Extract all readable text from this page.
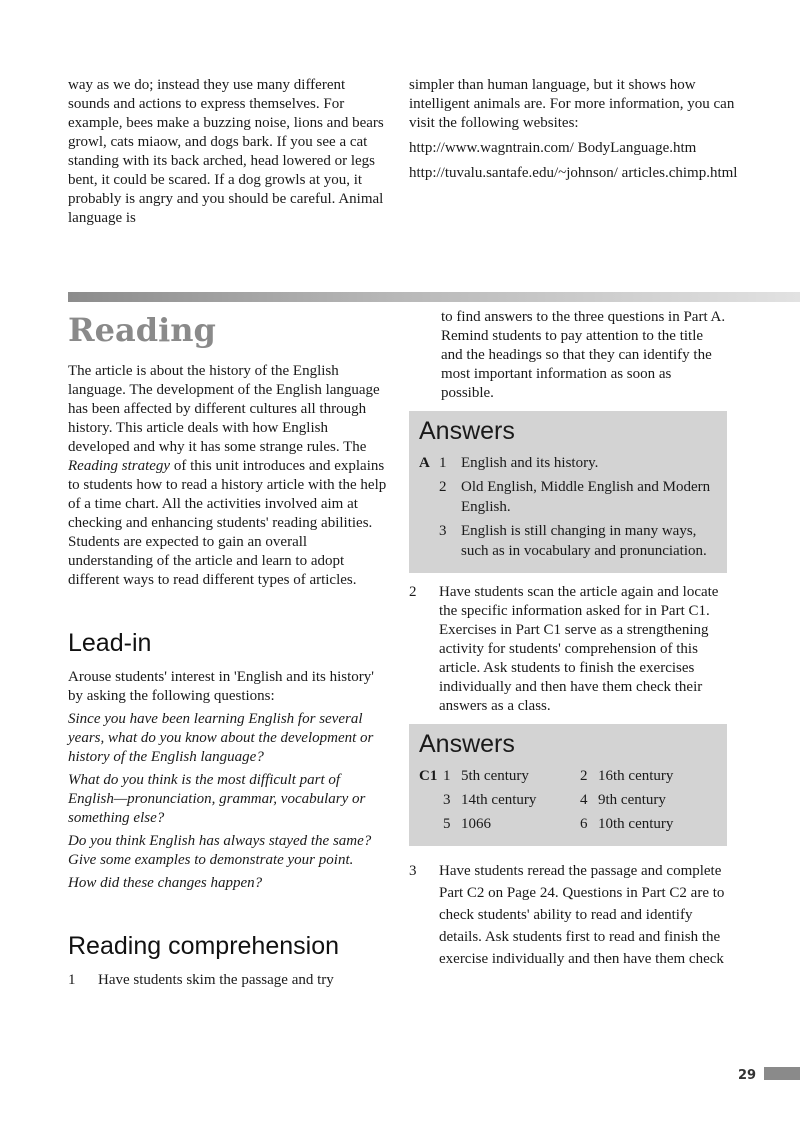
way as we do; instead they use many different sounds and actions to express themselves. For example, bees make a buzzing noise, lions and bears growl, cats miaow, and dogs bark. If you see a cat standing with its back arched, head lowered or legs bent, it could be scared. If a dog growls at you, it probably is angry and you should be careful. Animal language is

simpler than human language, but it shows how intelligent animals are. For more information, you can visit the following websites:

http://www.wagntrain.com/ BodyLanguage.htm

http://tuvalu.santafe.edu/~johnson/ articles.chimp.html

Reading

The article is about the history of the English language. The development of the English language has been affected by different cultures all through history. This article deals with how English developed and why it has some strange rules. The Reading strategy of this unit introduces and explains to students how to read a history article with the help of a time chart. All the activities involved aim at checking and enhancing students' reading abilities. Students are expected to gain an overall understanding of the article and learn to adopt different ways to read different types of articles.

Lead-in

Arouse students' interest in 'English and its history' by asking the following questions:

Since you have been learning English for several years, what do you know about the development or history of the English language?

What do you think is the most difficult part of English—pronunciation, grammar, vocabulary or something else?

Do you think English has always stayed the same? Give some examples to demonstrate your point.

How did these changes happen?

Reading comprehension
1	Have students skim the passage and try

to find answers to the three questions in Part A. Remind students to pay attention to the title and the headings so that they can identify the most important information as soon as possible.

Answers
A 1 English and its history.
2 Old English, Middle English and Modern English.
3 English is still changing in many ways, such as in vocabulary and pronunciation.
2	Have students scan the article again and locate the specific information asked for in Part C1. Exercises in Part C1 serve as a strengthening activity for students' comprehension of this article. Ask students to finish the exercises individually and then have them check their answers as a class.
Answers
C1 1 5th century	2 16th century
3 14th century	4 9th century
5 1066	6 10th century
3	Have students reread the passage and complete Part C2 on Page 24. Questions in Part C2 are to check students' ability to read and identify details. Ask students first to read and finish the exercise individually and then have them check
29
